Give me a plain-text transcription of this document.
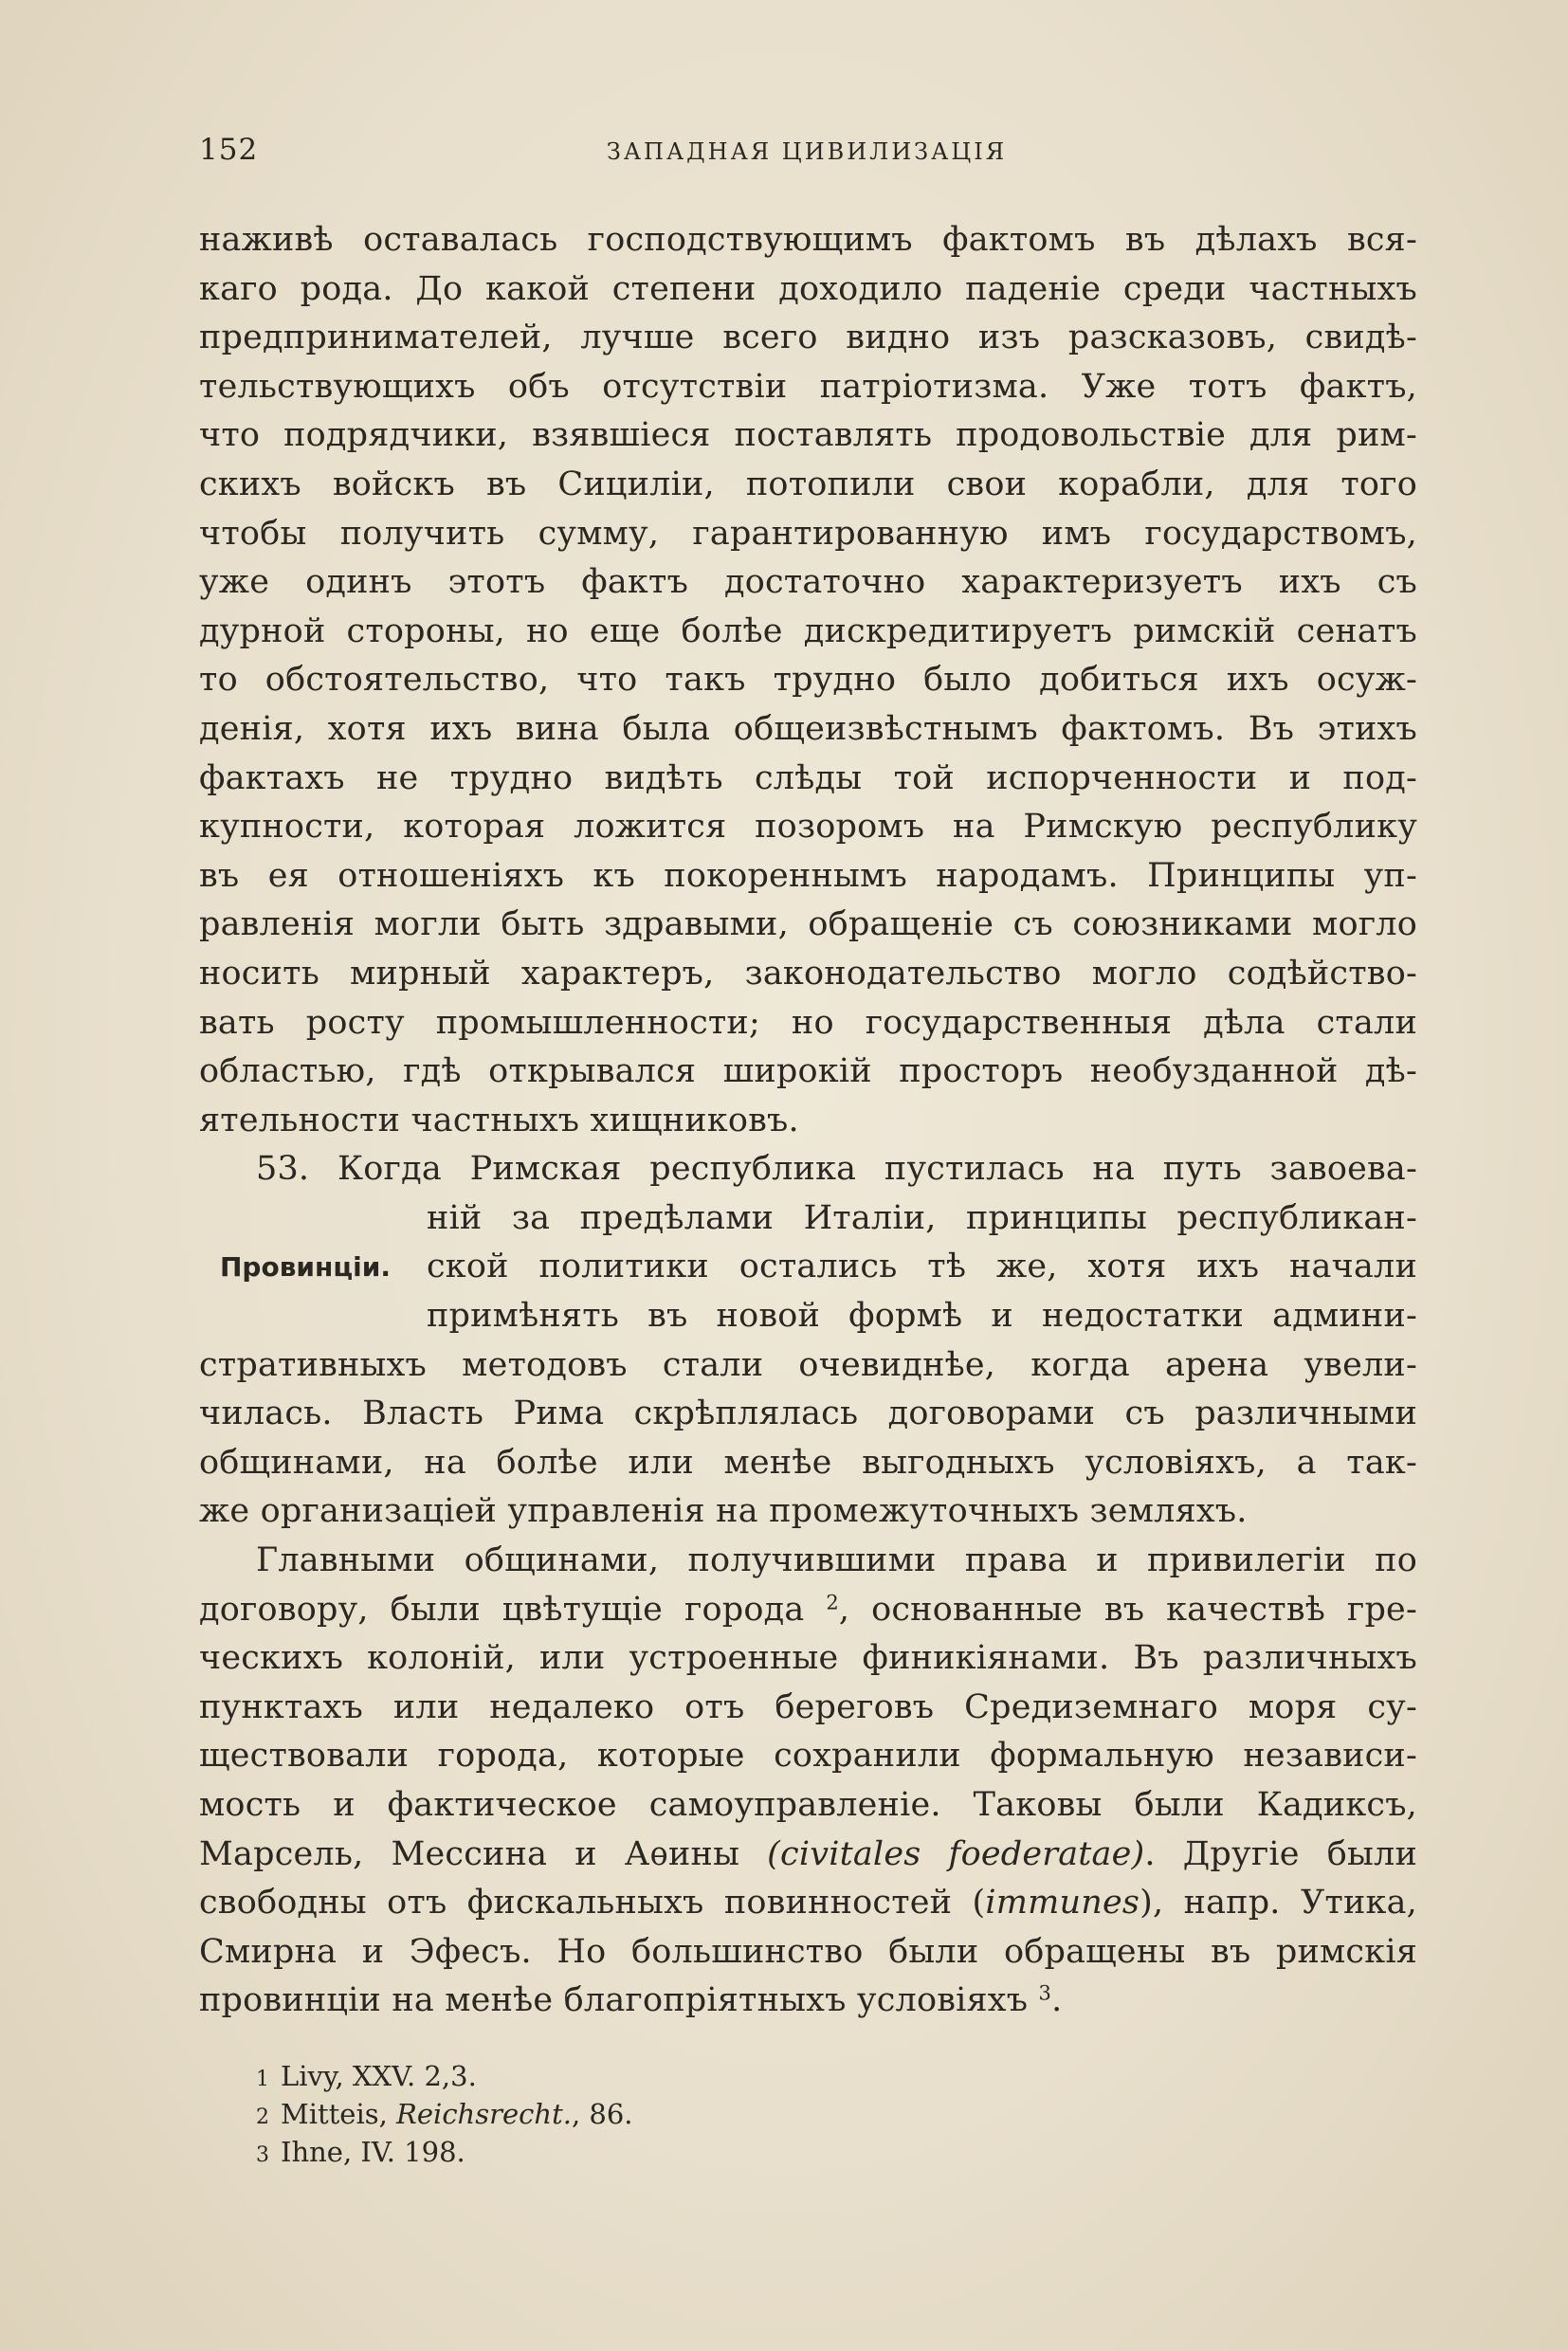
152	ЗАПАДНАЯ ЦИВИЛИЗАЦІЯ
наживѣ оставалась господствующимъ фактомъ въ дѣлахъ вся-
каго рода. До какой степени доходило паденіе среди частныхъ
предпринимателей, лучше всего видно изъ разсказовъ, свидѣ-
тельствующихъ объ отсутствіи патріотизма. Уже тотъ фактъ,
что подрядчики, взявшіеся поставлять продовольствіе для рим-
скихъ войскъ въ Сициліи, потопили свои корабли, для того
чтобы получить сумму, гарантированную имъ государствомъ,
уже одинъ этотъ фактъ достаточно характеризуетъ ихъ съ
дурной стороны, но еще болѣе дискредитируетъ римскій сенатъ
то обстоятельство, что такъ трудно было добиться ихъ осуж-
денія, хотя ихъ вина была общеизвѣстнымъ фактомъ. Въ этихъ
фактахъ не трудно видѣть слѣды той испорченности и под-
купности, которая ложится позоромъ на Римскую республику
въ ея отношеніяхъ къ покореннымъ народамъ. Принципы уп-
равленія могли быть здравыми, обращеніе съ союзниками могло
носить мирный характеръ, законодательство могло содѣйство-
вать росту промышленности; но государственныя дѣла стали
областью, гдѣ открывался широкій просторъ необузданной дѣ-
ятельности частныхъ хищниковъ.
53. Когда Римская республика пустилась на путь завоева-
ній за предѣлами Италіи, принципы республикан-
Провинціи. ской политики остались тѣ же, хотя ихъ начали
примѣнять въ новой формѣ и недостатки админи-
стративныхъ методовъ стали очевиднѣе, когда арена увели-
чилась. Власть Рима скрѣплялась договорами съ различными
общинами, на болѣе или менѣе выгодныхъ условіяхъ, а так-
же организаціей управленія на промежуточныхъ земляхъ.
Главными общинами, получившими права и привилегіи по
договору, были цвѣтущіе города $^2$, основанные въ качествѣ гре-
ческихъ колоній, или устроенные финикіянами. Въ различныхъ
пунктахъ или недалеко отъ береговъ Средиземнаго моря су-
ществовали города, которые сохранили формальную независи-
мость и фактическое самоуправленіе. Таковы были Кадиксъ,
Марсель, Мессина и Аѳины (civitales foederatae). Другіе были
свободны отъ фискальныхъ повинностей (immunes), напр. Утика,
Смирна и Эфесъ. Но большинство были обращены въ римскія
провинціи на менѣе благопріятныхъ условіяхъ $^3$.
1 Livy, XXV. 2,3.
2 Mitteis, Reichsrecht., 86.
3 Ihne, IV. 198.
